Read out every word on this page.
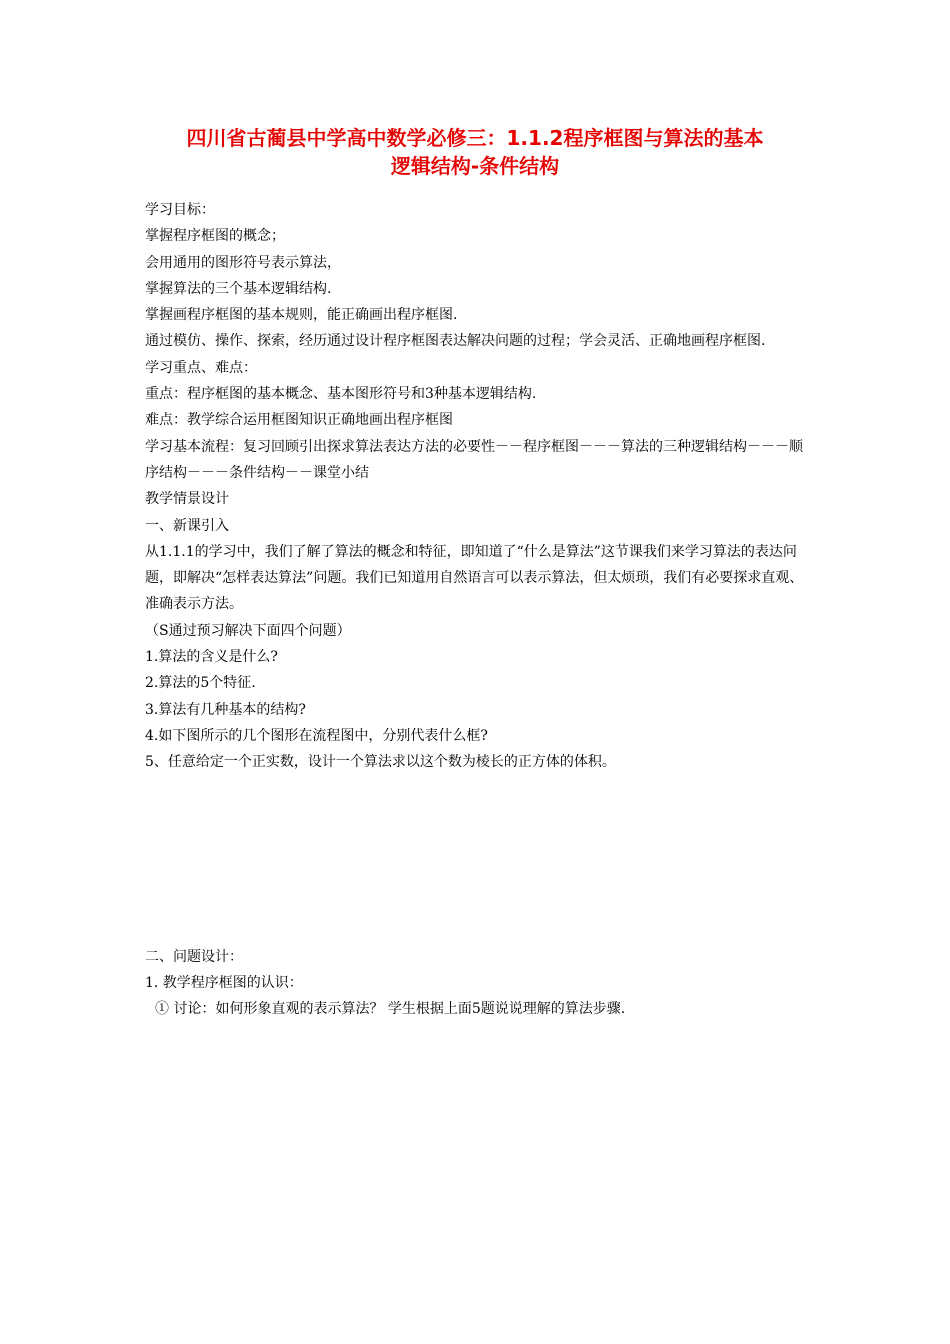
四川省古蔺县中学高中数学必修三：1.1.2程序框图与算法的基本
逻辑结构-条件结构

学习目标：

掌握程序框图的概念；

会用通用的图形符号表示算法，

掌握算法的三个基本逻辑结构.

掌握画程序框图的基本规则，能正确画出程序框图.

通过模仿、操作、探索，经历通过设计程序框图表达解决问题的过程；学会灵活、正确地画程序框图.

学习重点、难点：

重点：程序框图的基本概念、基本图形符号和3种基本逻辑结构.

难点：教学综合运用框图知识正确地画出程序框图

学习基本流程：复习回顾引出探求算法表达方法的必要性－－程序框图－－－算法的三种逻辑结构－－－顺序结构－－－条件结构－－课堂小结

教学情景设计

一、新课引入

从1.1.1的学习中，我们了解了算法的概念和特征，即知道了“什么是算法”这节课我们来学习算法的表达问题，即解决“怎样表达算法”问题。我们已知道用自然语言可以表示算法，但太烦琐，我们有必要探求直观、准确表示方法。

（S通过预习解决下面四个问题）

1.算法的含义是什么?

2.算法的5个特征.

3.算法有几种基本的结构?

4.如下图所示的几个图形在流程图中，分别代表什么框?

5、任意给定一个正实数，设计一个算法求以这个数为棱长的正方体的体积。

二、问题设计：

1. 教学程序框图的认识：

① 讨论：如何形象直观的表示算法？ 学生根据上面5题说说理解的算法步骤.
